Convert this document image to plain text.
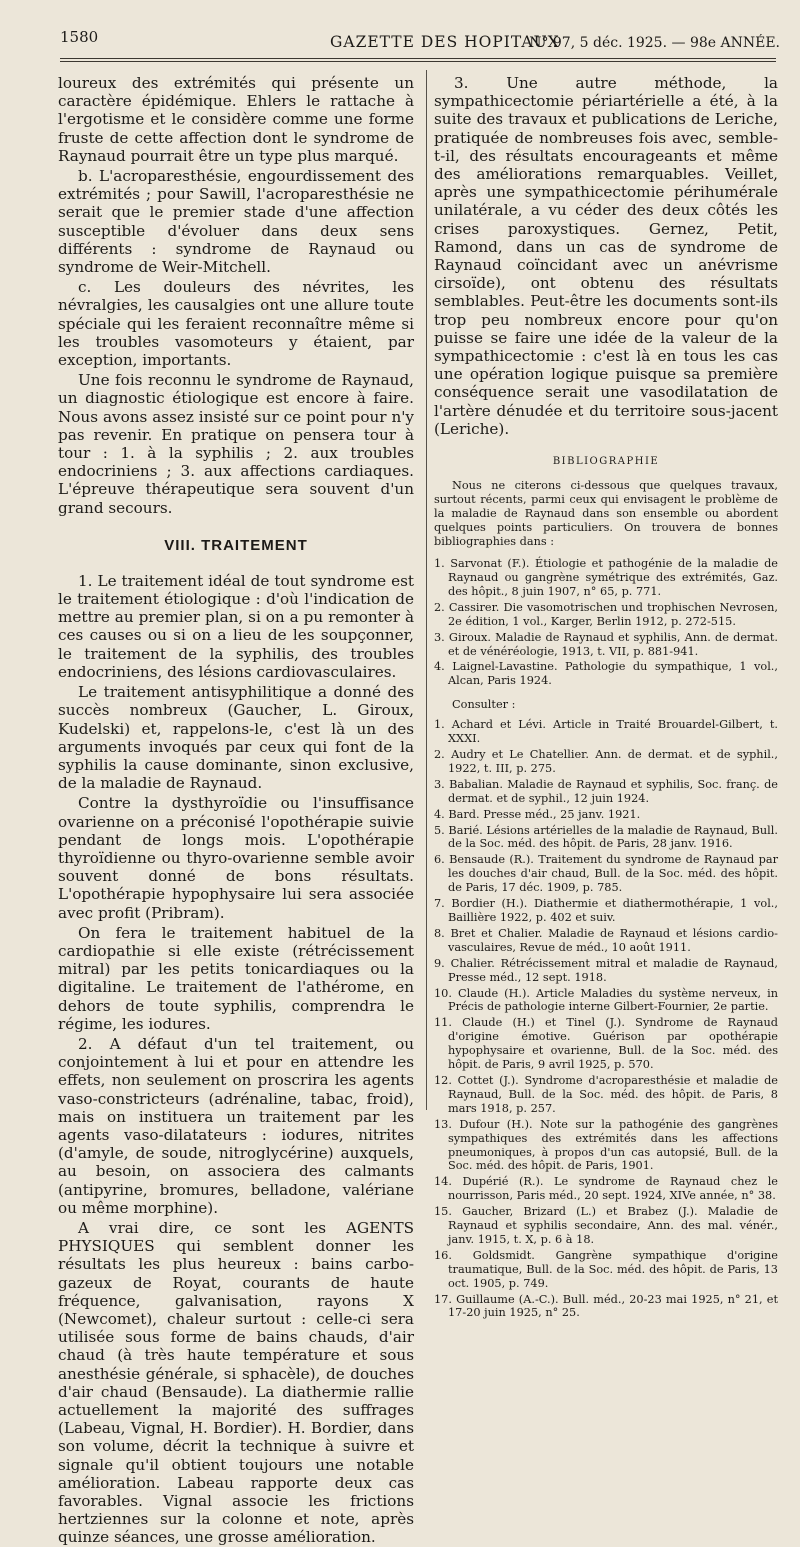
1580	GAZETTE DES HOPITAUX
N° 97, 5 déc. 1925. — 98e ANNÉE.

loureux des extrémités qui présente un caractère épidémique. Ehlers le rattache à l'ergotisme et le considère comme une forme fruste de cette affection dont le syndrome de Raynaud pourrait être un type plus marqué.

b. L'acroparesthésie, engourdissement des extrémités ; pour Sawill, l'acroparesthésie ne serait que le premier stade d'une affection susceptible d'évoluer dans deux sens différents : syndrome de Raynaud ou syndrome de Weir-Mitchell.

c. Les douleurs des névrites, les névralgies, les causalgies ont une allure toute spéciale qui les feraient reconnaître même si les troubles vasomoteurs y étaient, par exception, importants.

Une fois reconnu le syndrome de Raynaud, un diagnostic étiologique est encore à faire. Nous avons assez insisté sur ce point pour n'y pas revenir. En pratique on pensera tour à tour : 1. à la syphilis ; 2. aux troubles endocriniens ; 3. aux affections cardiaques. L'épreuve thérapeutique sera souvent d'un grand secours.

VIII. TRAITEMENT

1. Le traitement idéal de tout syndrome est le traitement étiologique : d'où l'indication de mettre au premier plan, si on a pu remonter à ces causes ou si on a lieu de les soupçonner, le traitement de la syphilis, des troubles endocriniens, des lésions cardiovasculaires.

Le traitement antisyphilitique a donné des succès nombreux (Gaucher, L. Giroux, Kudelski) et, rappelons-le, c'est là un des arguments invoqués par ceux qui font de la syphilis la cause dominante, sinon exclusive, de la maladie de Raynaud.

Contre la dysthyroïdie ou l'insuffisance ovarienne on a préconisé l'opothérapie suivie pendant de longs mois. L'opothérapie thyroïdienne ou thyro-ovarienne semble avoir souvent donné de bons résultats. L'opothérapie hypophysaire lui sera associée avec profit (Pribram).

On fera le traitement habituel de la cardiopathie si elle existe (rétrécissement mitral) par les petits tonicardiaques ou la digitaline. Le traitement de l'athérome, en dehors de toute syphilis, comprendra le régime, les iodures.

2. A défaut d'un tel traitement, ou conjointement à lui et pour en attendre les effets, non seulement on proscrira les agents vaso-constricteurs (adrénaline, tabac, froid), mais on instituera un traitement par les agents vaso-dilatateurs : iodures, nitrites (d'amyle, de soude, nitroglycérine) auxquels, au besoin, on associera des calmants (antipyrine, bromures, belladone, valériane ou même morphine).

A vrai dire, ce sont les AGENTS PHYSIQUES qui semblent donner les résultats les plus heureux : bains carbo-gazeux de Royat, courants de haute fréquence, galvanisation, rayons X (Newcomet), chaleur surtout : celle-ci sera utilisée sous forme de bains chauds, d'air chaud (à très haute température et sous anesthésie générale, si sphacèle), de douches d'air chaud (Bensaude). La diathermie rallie actuellement la majorité des suffrages (Labeau, Vignal, H. Bordier). H. Bordier, dans son volume, décrit la technique à suivre et signale qu'il obtient toujours une notable amélioration. Labeau rapporte deux cas favorables. Vignal associe les frictions hertziennes sur la colonne et note, après quinze séances, une grosse amélioration.

3. Une autre méthode, la sympathicectomie périartérielle a été, à la suite des travaux et publications de Leriche, pratiquée de nombreuses fois avec, semble-t-il, des résultats encourageants et même des améliorations remarquables. Veillet, après une sympathicectomie périhumérale unilatérale, a vu céder des deux côtés les crises paroxystiques. Gernez, Petit, Ramond, dans un cas de syndrome de Raynaud coïncidant avec un anévrisme cirsoïde), ont obtenu des résultats semblables. Peut-être les documents sont-ils trop peu nombreux encore pour qu'on puisse se faire une idée de la valeur de la sympathicectomie : c'est là en tous les cas une opération logique puisque sa première conséquence serait une vasodilatation de l'artère dénudée et du territoire sous-jacent (Leriche).

BIBLIOGRAPHIE

Nous ne citerons ci-dessous que quelques travaux, surtout récents, parmi ceux qui envisagent le problème de la maladie de Raynaud dans son ensemble ou abordent quelques points particuliers. On trouvera de bonnes bibliographies dans :

1. Sarvonat (F.). Étiologie et pathogénie de la maladie de Raynaud ou gangrène symétrique des extrémités, Gaz. des hôpit., 8 juin 1907, n° 65, p. 771.

2. Cassirer. Die vasomotrischen und trophischen Nevrosen, 2e édition, 1 vol., Karger, Berlin 1912, p. 272-515.

3. Giroux. Maladie de Raynaud et syphilis, Ann. de dermat. et de vénéréologie, 1913, t. VII, p. 881-941.

4. Laignel-Lavastine. Pathologie du sympathique, 1 vol., Alcan, Paris 1924.

Consulter :

1. Achard et Lévi. Article in Traité Brouardel-Gilbert, t. XXXI.

2. Audry et Le Chatellier. Ann. de dermat. et de syphil., 1922, t. III, p. 275.

3. Babalian. Maladie de Raynaud et syphilis, Soc. franç. de dermat. et de syphil., 12 juin 1924.

4. Bard. Presse méd., 25 janv. 1921.

5. Barié. Lésions artérielles de la maladie de Raynaud, Bull. de la Soc. méd. des hôpit. de Paris, 28 janv. 1916.

6. Bensaude (R.). Traitement du syndrome de Raynaud par les douches d'air chaud, Bull. de la Soc. méd. des hôpit. de Paris, 17 déc. 1909, p. 785.

7. Bordier (H.). Diathermie et diathermothérapie, 1 vol., Baillière 1922, p. 402 et suiv.

8. Bret et Chalier. Maladie de Raynaud et lésions cardio-vasculaires, Revue de méd., 10 août 1911.

9. Chalier. Rétrécissement mitral et maladie de Raynaud, Presse méd., 12 sept. 1918.

10. Claude (H.). Article Maladies du système nerveux, in Précis de pathologie interne Gilbert-Fournier, 2e partie.

11. Claude (H.) et Tinel (J.). Syndrome de Raynaud d'origine émotive. Guérison par opothérapie hypophysaire et ovarienne, Bull. de la Soc. méd. des hôpit. de Paris, 9 avril 1925, p. 570.

12. Cottet (J.). Syndrome d'acroparesthésie et maladie de Raynaud, Bull. de la Soc. méd. des hôpit. de Paris, 8 mars 1918, p. 257.

13. Dufour (H.). Note sur la pathogénie des gangrènes sympathiques des extrémités dans les affections pneumoniques, à propos d'un cas autopsié, Bull. de la Soc. méd. des hôpit. de Paris, 1901.

14. Dupérié (R.). Le syndrome de Raynaud chez le nourrisson, Paris méd., 20 sept. 1924, XIVe année, n° 38.

15. Gaucher, Brizard (L.) et Brabez (J.). Maladie de Raynaud et syphilis secondaire, Ann. des mal. vénér., janv. 1915, t. X, p. 6 à 18.

16. Goldsmidt. Gangrène sympathique d'origine traumatique, Bull. de la Soc. méd. des hôpit. de Paris, 13 oct. 1905, p. 749.

17. Guillaume (A.-C.). Bull. méd., 20-23 mai 1925, n° 21, et 17-20 juin 1925, n° 25.
